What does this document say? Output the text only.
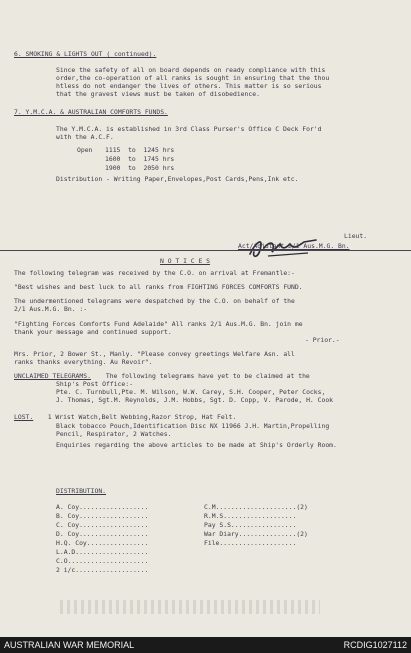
6. SMOKING & LIGHTS OUT ( continued).
Since the safety of all on board depends on ready compliance with this
order,the co-operation of all ranks is sought in ensuring that the thou
htless do not endanger the lives of others. This matter is so serious
that the gravest views must be taken of disobedience.
7. Y.M.C.A. & AUSTRALIAN COMFORTS FUNDS.
The Y.M.C.A. is established in 3rd Class Purser's Office C Deck For'd
with the A.C.F.
Open 1115  to  1245 hrs
1600  to  1745 hrs
1900  to  2050 hrs
Distribution - Writing Paper,Envelopes,Post Cards,Pens,Ink etc.
Lieut.
Act/Adjutant 2/1 Aus.M.G. Bn.
N O T I C E S
The following telegram was received by the C.O. on arrival at Fremantle:-
"Best wishes and best luck to all ranks from FIGHTING FORCES COMFORTS FUND.
The undermentioned telegrams were despatched by the C.O. on behalf of the
2/1 Aus.M.G. Bn. :-
"Fighting Forces Comforts Fund Adelaide" All ranks 2/1 Aus.M.G. Bn. join me
thank your message and continued support.
- Prior.-
Mrs. Prior, 2 Bower St., Manly. "Please convey greetings Welfare Asn. all
ranks thanks everything. Au Revoir".
UNCLAIMED TELEGRAMS. The following telegrams have yet to be claimed at the
Ship's Post Office:-
Pte. C. Turnbull,Pte. M. Wilson, W.W. Carey, S.H. Cooper, Peter Cocks,
J. Thomas, Sgt.M. Reynolds, J.M. Hobbs, Sgt. D. Copp, V. Parode, H. Cook
LOST. 1 Wrist Watch,Belt Webbing,Razor Strop, Hat Felt.
Black tobacco Pouch,Identification Disc NX 11966 J.H. Martin,Propelling
Pencil, Respirator, 2 Watches.
Enquiries regarding the above articles to be made at Ship's Orderly Room.
DISTRIBUTION.
A. Coy..................
B. Coy..................
C. Coy..................
D. Coy..................
H.Q. Coy................
L.A.D...................
C.O.....................
2 i/c...................
C.M.....................(2)
R.M.S...................
Pay S.S.................
War Diary...............(2)
File....................
AUSTRALIAN WAR MEMORIAL	RCDIG1027112
